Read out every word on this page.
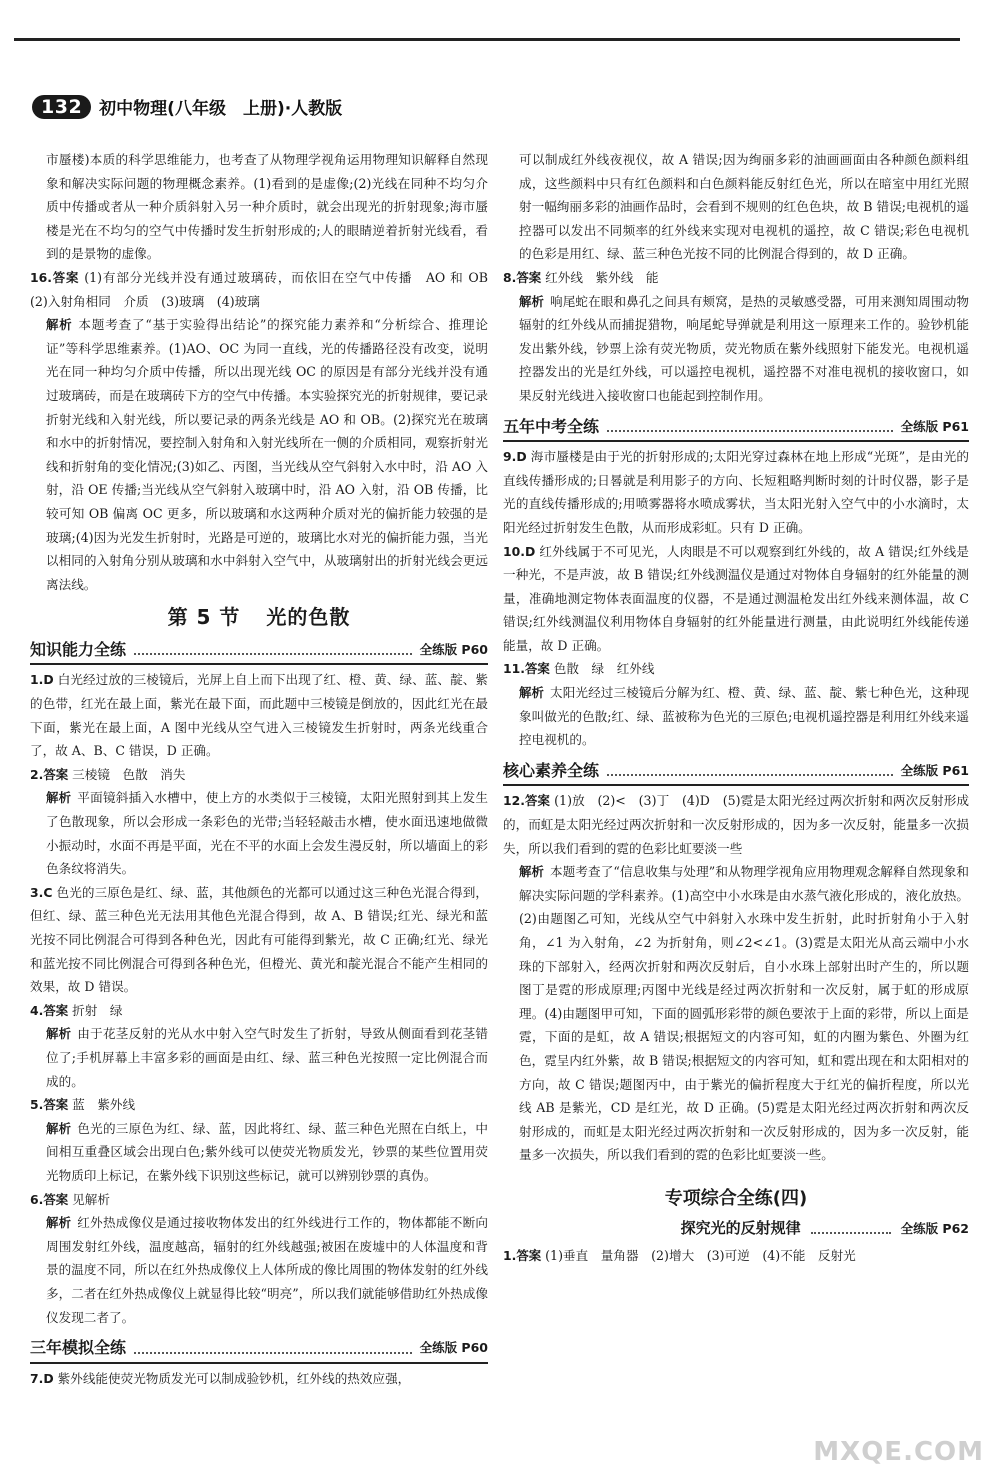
132	初中物理(八年级　上册)·人教版
市蜃楼)本质的科学思维能力，也考查了从物理学视角运用物理知识解释自然现象和解决实际问题的物理概念素养。(1)看到的是虚像;(2)光线在同种不均匀介质中传播或者从一种介质斜射入另一种介质时，就会出现光的折射现象;海市蜃楼是光在不均匀的空气中传播时发生折射形成的;人的眼睛逆着折射光线看，看到的是景物的虚像。
16.答案 (1)有部分光线并没有通过玻璃砖，而依旧在空气中传播　AO 和 OB　(2)入射角相同　介质　(3)玻璃　(4)玻璃
解析 本题考查了“基于实验得出结论”的探究能力素养和“分析综合、推理论证”等科学思维素养。(1)AO、OC 为同一直线，光的传播路径没有改变，说明光在同一种均匀介质中传播，所以出现光线 OC 的原因是有部分光线并没有通过玻璃砖，而是在玻璃砖下方的空气中传播。本实验探究光的折射规律，要记录折射光线和入射光线，所以要记录的两条光线是 AO 和 OB。(2)探究光在玻璃和水中的折射情况，要控制入射角和入射光线所在一侧的介质相同，观察折射光线和折射角的变化情况;(3)如乙、丙图，当光线从空气斜射入水中时，沿 AO 入射，沿 OE 传播;当光线从空气斜射入玻璃中时，沿 AO 入射，沿 OB 传播，比较可知 OB 偏离 OC 更多，所以玻璃和水这两种介质对光的偏折能力较强的是玻璃;(4)因为光发生折射时，光路是可逆的，玻璃比水对光的偏折能力强，当光以相同的入射角分别从玻璃和水中斜射入空气中，从玻璃射出的折射光线会更远离法线。
第 5 节 光的色散
知识能力全练	全练版 P60
1.D 白光经过放的三棱镜后，光屏上自上而下出现了红、橙、黄、绿、蓝、靛、紫的色带，红光在最上面，紫光在最下面，而此题中三棱镜是倒放的，因此红光在最下面，紫光在最上面，A 图中光线从空气进入三棱镜发生折射时，两条光线重合了，故 A、B、C 错误，D 正确。
2.答案 三棱镜　色散　消失
解析 平面镜斜插入水槽中，使上方的水类似于三棱镜，太阳光照射到其上发生了色散现象，所以会形成一条彩色的光带;当轻轻敲击水槽，使水面迅速地做微小振动时，水面不再是平面，光在不平的水面上会发生漫反射，所以墙面上的彩色条纹将消失。
3.C 色光的三原色是红、绿、蓝，其他颜色的光都可以通过这三种色光混合得到，但红、绿、蓝三种色光无法用其他色光混合得到，故 A、B 错误;红光、绿光和蓝光按不同比例混合可得到各种色光，因此有可能得到紫光，故 C 正确;红光、绿光和蓝光按不同比例混合可得到各种色光，但橙光、黄光和靛光混合不能产生相同的效果，故 D 错误。
4.答案 折射　绿
解析 由于花茎反射的光从水中射入空气时发生了折射，导致从侧面看到花茎错位了;手机屏幕上丰富多彩的画面是由红、绿、蓝三种色光按照一定比例混合而成的。
5.答案 蓝　紫外线
解析 色光的三原色为红、绿、蓝，因此将红、绿、蓝三种色光照在白纸上，中间相互重叠区域会出现白色;紫外线可以使荧光物质发光，钞票的某些位置用荧光物质印上标记，在紫外线下识别这些标记，就可以辨别钞票的真伪。
6.答案 见解析
解析 红外热成像仪是通过接收物体发出的红外线进行工作的，物体都能不断向周围发射红外线，温度越高，辐射的红外线越强;被困在废墟中的人体温度和背景的温度不同，所以在红外热成像仪上人体所成的像比周围的物体发射的红外线多，二者在红外热成像仪上就显得比较“明亮”，所以我们就能够借助红外热成像仪发现二者了。
三年模拟全练	全练版 P60
7.D 紫外线能使荧光物质发光可以制成验钞机，红外线的热效应强，
可以制成红外线夜视仪，故 A 错误;因为绚丽多彩的油画画面由各种颜色颜料组成，这些颜料中只有红色颜料和白色颜料能反射红色光，所以在暗室中用红光照射一幅绚丽多彩的油画作品时，会看到不规则的红色色块，故 B 错误;电视机的遥控器可以发出不同频率的红外线来实现对电视机的遥控，故 C 错误;彩色电视机的色彩是用红、绿、蓝三种色光按不同的比例混合得到的，故 D 正确。
8.答案 红外线　紫外线　能
解析 响尾蛇在眼和鼻孔之间具有颊窝，是热的灵敏感受器，可用来测知周围动物辐射的红外线从而捕捉猎物，响尾蛇导弹就是利用这一原理来工作的。验钞机能发出紫外线，钞票上涂有荧光物质，荧光物质在紫外线照射下能发光。电视机遥控器发出的光是红外线，可以遥控电视机，遥控器不对准电视机的接收窗口，如果反射光线进入接收窗口也能起到控制作用。
五年中考全练	全练版 P61
9.D 海市蜃楼是由于光的折射形成的;太阳光穿过森林在地上形成“光斑”，是由光的直线传播形成的;日晷就是利用影子的方向、长短粗略判断时刻的计时仪器，影子是光的直线传播形成的;用喷雾器将水喷成雾状，当太阳光射入空气中的小水滴时，太阳光经过折射发生色散，从而形成彩虹。只有 D 正确。
10.D 红外线属于不可见光，人肉眼是不可以观察到红外线的，故 A 错误;红外线是一种光，不是声波，故 B 错误;红外线测温仪是通过对物体自身辐射的红外能量的测量，准确地测定物体表面温度的仪器，不是通过测温枪发出红外线来测体温，故 C 错误;红外线测温仪利用物体自身辐射的红外能量进行测量，由此说明红外线能传递能量，故 D 正确。
11.答案 色散　绿　红外线
解析 太阳光经过三棱镜后分解为红、橙、黄、绿、蓝、靛、紫七种色光，这种现象叫做光的色散;红、绿、蓝被称为色光的三原色;电视机遥控器是利用红外线来遥控电视机的。
核心素养全练	全练版 P61
12.答案 (1)放　(2)<　(3)丁　(4)D　(5)霓是太阳光经过两次折射和两次反射形成的，而虹是太阳光经过两次折射和一次反射形成的，因为多一次反射，能量多一次损失，所以我们看到的霓的色彩比虹要淡一些
解析 本题考查了“信息收集与处理”和从物理学视角应用物理观念解释自然现象和解决实际问题的学科素养。(1)高空中小水珠是由水蒸气液化形成的，液化放热。(2)由题图乙可知，光线从空气中斜射入水珠中发生折射，此时折射角小于入射角，∠1 为入射角，∠2 为折射角，则∠2<∠1。(3)霓是太阳光从高云端中小水珠的下部射入，经两次折射和两次反射后，自小水珠上部射出时产生的，所以题图丁是霓的形成原理;丙图中光线是经过两次折射和一次反射，属于虹的形成原理。(4)由题图甲可知，下面的圆弧形彩带的颜色要浓于上面的彩带，所以上面是霓，下面的是虹，故 A 错误;根据短文的内容可知，虹的内圈为紫色、外圈为红色，霓呈内红外紫，故 B 错误;根据短文的内容可知，虹和霓出现在和太阳相对的方向，故 C 错误;题图丙中，由于紫光的偏折程度大于红光的偏折程度，所以光线 AB 是紫光，CD 是红光，故 D 正确。(5)霓是太阳光经过两次折射和两次反射形成的，而虹是太阳光经过两次折射和一次反射形成的，因为多一次反射，能量多一次损失，所以我们看到的霓的色彩比虹要淡一些。
专项综合全练(四)
探究光的反射规律	全练版 P62
1.答案 (1)垂直　量角器　(2)增大　(3)可逆　(4)不能　反射光
MXQE.COM
